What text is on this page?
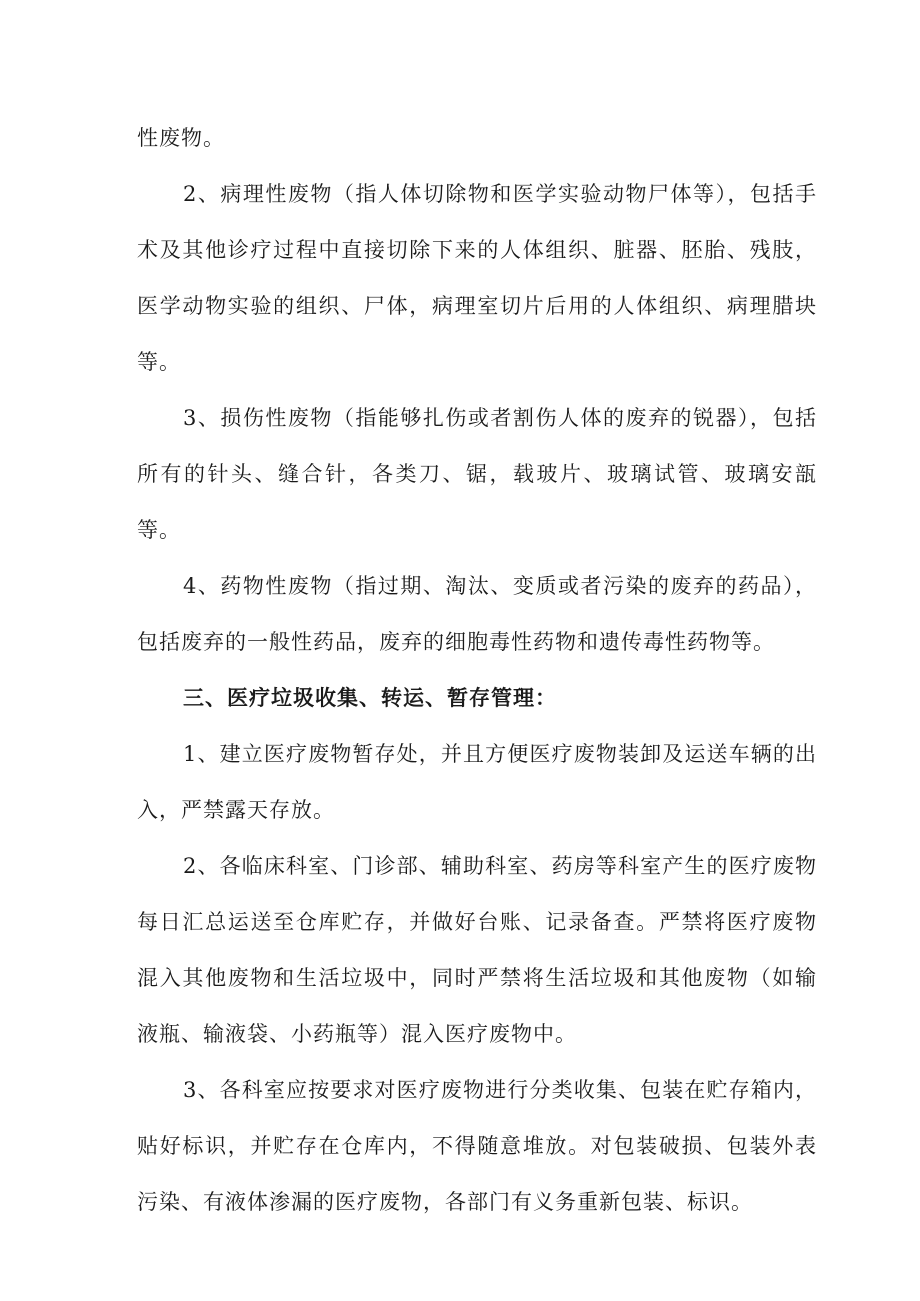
性废物。

2、病理性废物（指人体切除物和医学实验动物尸体等），包括手术及其他诊疗过程中直接切除下来的人体组织、脏器、胚胎、残肢，医学动物实验的组织、尸体，病理室切片后用的人体组织、病理腊块等。

3、损伤性废物（指能够扎伤或者割伤人体的废弃的锐器），包括所有的针头、缝合针，各类刀、锯，载玻片、玻璃试管、玻璃安瓿等。

4、药物性废物（指过期、淘汰、变质或者污染的废弃的药品），包括废弃的一般性药品，废弃的细胞毒性药物和遗传毒性药物等。

三、医疗垃圾收集、转运、暂存管理：

1、建立医疗废物暂存处，并且方便医疗废物装卸及运送车辆的出入，严禁露天存放。

2、各临床科室、门诊部、辅助科室、药房等科室产生的医疗废物每日汇总运送至仓库贮存，并做好台账、记录备查。严禁将医疗废物混入其他废物和生活垃圾中，同时严禁将生活垃圾和其他废物（如输液瓶、输液袋、小药瓶等）混入医疗废物中。

3、各科室应按要求对医疗废物进行分类收集、包装在贮存箱内，贴好标识，并贮存在仓库内，不得随意堆放。对包装破损、包装外表污染、有液体渗漏的医疗废物，各部门有义务重新包装、标识。
